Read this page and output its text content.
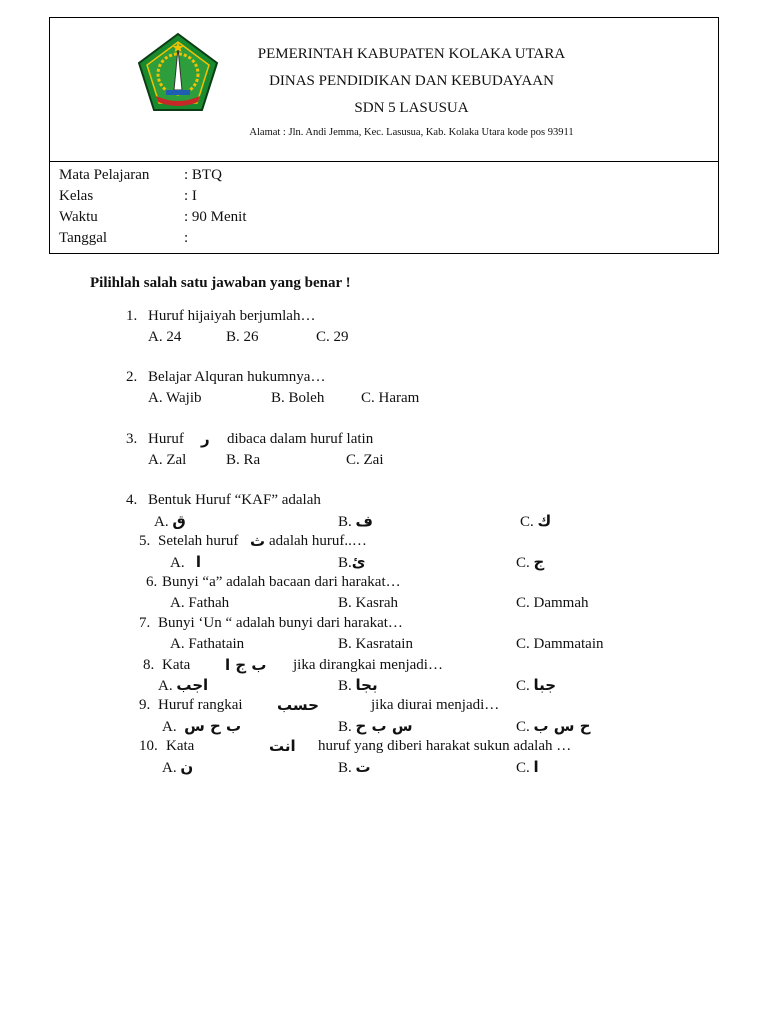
PEMERINTAH KABUPATEN KOLAKA UTARA
DINAS PENDIDIKAN DAN KEBUDAYAAN
SDN 5 LASUSUA
Alamat : Jln. Andi Jemma, Kec. Lasusua, Kab. Kolaka Utara kode pos 93911
Mata Pelajaran	: BTQ
Kelas	: I
Waktu	: 90 Menit
Tanggal	:
Pilihlah salah satu jawaban yang benar !
1. Huruf hijaiyah berjumlah…
A. 24	B. 26	C. 29
2. Belajar Alquran hukumnya…
A. Wajib	B. Boleh C. Haram
3. Huruf ر dibaca dalam huruf latin
A. Zal	B. Ra	C. Zai
4. Bentuk Huruf “KAF” adalah
A. ق	B. ف	C. ك
5. Setelah huruf ث adalah huruf..…
A. ا	B.ئ	C. ج
6. Bunyi “a” adalah bacaan dari harakat…
A. Fathah	B. Kasrah	C. Dammah
7. Bunyi ‘Un “ adalah bunyi dari harakat…
A. Fathatain	B. Kasratain	C. Dammatain
8. Kata ب ج ا jika dirangkai menjadi…
A. اجب	B. بجا	C. جبا
9. Huruf rangkai حسب	jika diurai menjadi…
A. ب ح س	B. س ب ح	C. ح س ب
10. Kata	انت huruf yang diberi harakat sukun adalah …
A. ن	B. ت	C. ا
